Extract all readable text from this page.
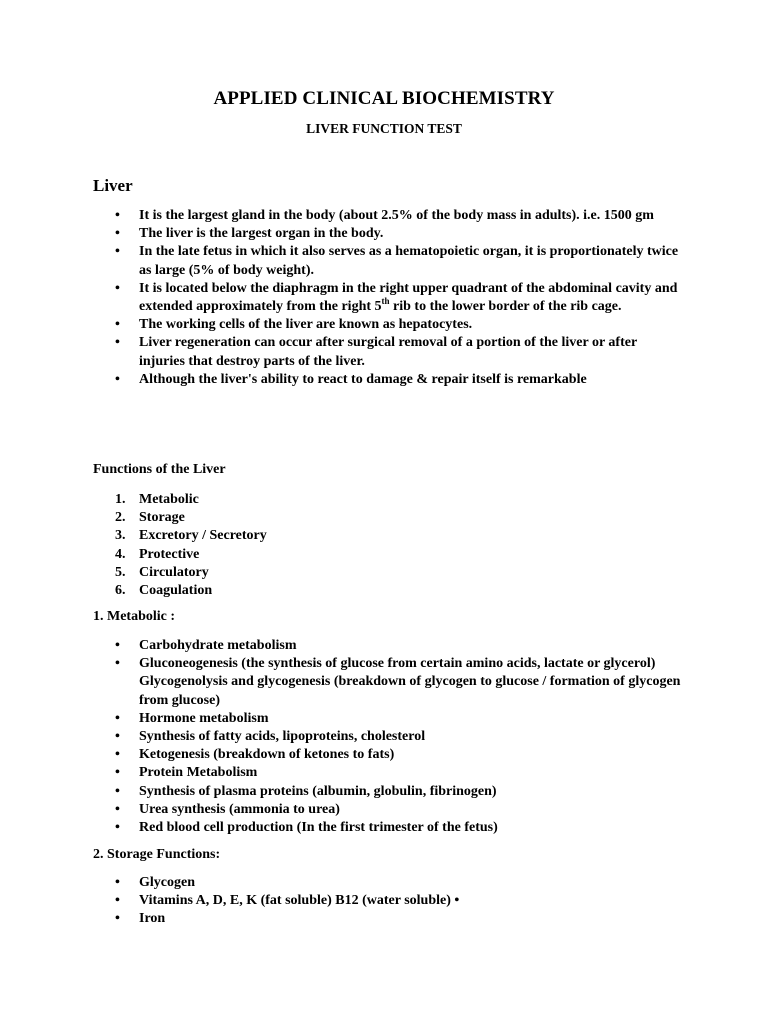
APPLIED CLINICAL BIOCHEMISTRY
LIVER FUNCTION TEST
Liver
• It is the largest gland in the body (about 2.5% of the body mass in adults). i.e. 1500 gm
• The liver is the largest organ in the body.
• In the late fetus in which it also serves as a hematopoietic organ, it is proportionately twice as large (5% of body weight).
• It is located below the diaphragm in the right upper quadrant of the abdominal cavity and extended approximately from the right 5th rib to the lower border of the rib cage.
• The working cells of the liver are known as hepatocytes.
• Liver regeneration can occur after surgical removal of a portion of the liver or after injuries that destroy parts of the liver.
• Although the liver's ability to react to damage & repair itself is remarkable
Functions of the Liver
1. Metabolic
2. Storage
3. Excretory / Secretory
4. Protective
5. Circulatory
6. Coagulation
1. Metabolic :
• Carbohydrate metabolism
• Gluconeogenesis (the synthesis of glucose from certain amino acids, lactate or glycerol) Glycogenolysis and glycogenesis (breakdown of glycogen to glucose / formation of glycogen from glucose)
• Hormone metabolism
• Synthesis of fatty acids, lipoproteins, cholesterol
• Ketogenesis (breakdown of ketones to fats)
• Protein Metabolism
• Synthesis of plasma proteins (albumin, globulin, fibrinogen)
• Urea synthesis (ammonia to urea)
• Red blood cell production (In the first trimester of the fetus)
2. Storage Functions:
• Glycogen
• Vitamins A, D, E, K (fat soluble) B12 (water soluble) •
• Iron
